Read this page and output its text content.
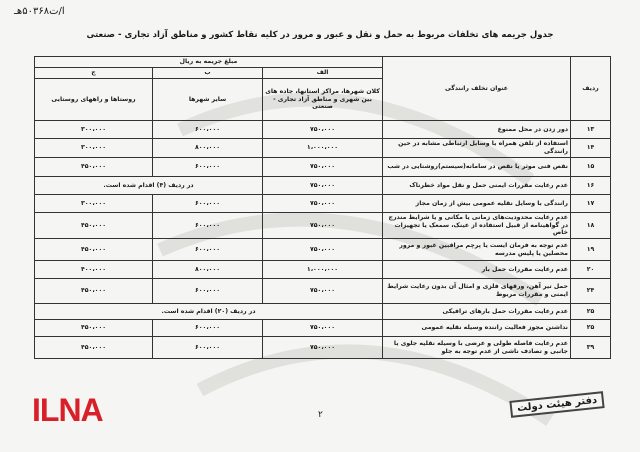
ا/ت۵۰۳۶۸هـ
جدول جریمه های تخلفات مربوط به حمل و نقل و عبور و مرور در کلیه نقاط کشور و مناطق آزاد تجاری - صنعتی
ردیف	عنوان تخلف رانندگی	مبلغ جریمه به ریال		
		الف	ب	ج
		کلان شهرها، مراکز استانها، جاده های بین شهری و مناطق آزاد تجاری - صنعتی	سایر شهرها	روستاها و راههای روستایی
۱۳	دور زدن در محل ممنوع	۷۵۰،۰۰۰	۶۰۰،۰۰۰	۳۰۰،۰۰۰
۱۴	استفاده از تلفن همراه یا وسایل ارتباطی مشابه در حین رانندگی	۱،۰۰۰،۰۰۰	۸۰۰،۰۰۰	۳۰۰،۰۰۰
۱۵	نقص فنی موثر یا نقص در سامانه(سیستم)روشنایی در شب	۷۵۰،۰۰۰	۶۰۰،۰۰۰	۴۵۰،۰۰۰
۱۶	عدم رعایت مقررات ایمنی حمل و نقل مواد خطرناک	۷۵۰،۰۰۰	در ردیف (۴) اقدام شده است.	
۱۷	رانندگی با وسایل نقلیه عمومی بیش از زمان مجاز	۷۵۰،۰۰۰	۶۰۰،۰۰۰	۳۰۰،۰۰۰
۱۸	عدم رعایت محدودیت‌های زمانی یا مکانی و یا شرایط مندرج در گواهینامه از قبیل استفاده از عینک، سمعک یا تجهیزات خاص	۷۵۰،۰۰۰	۶۰۰،۰۰۰	۴۵۰،۰۰۰
۱۹	عدم توجه به فرمان ایست یا پرچم مراقبین عبور و مرور محصلین یا پلیس مدرسه	۷۵۰،۰۰۰	۶۰۰،۰۰۰	۴۵۰،۰۰۰
۲۰	عدم رعایت مقررات حمل بار	۱،۰۰۰،۰۰۰	۸۰۰،۰۰۰	۴۰۰،۰۰۰
۲۴	حمل تیر آهن، ورقهای فلزی و امثال آن بدون رعایت شرایط ایمنی و مقررات مربوط	۷۵۰،۰۰۰	۶۰۰،۰۰۰	۴۵۰،۰۰۰
۲۵	عدم رعایت مقررات حمل بارهای ترافیکی	در ردیف (۲۰) اقدام شده است.		
۲۵	نداشتن مجوز فعالیت راننده وسیله نقلیه عمومی	۷۵۰،۰۰۰	۶۰۰،۰۰۰	۴۵۰،۰۰۰
۳۹	عدم رعایت فاصله طولی و عرضی با وسیله نقلیه جلوی یا جانبی و تصادف ناشی از عدم توجه به جلو	۷۵۰،۰۰۰	۶۰۰،۰۰۰	۴۵۰،۰۰۰
ILNA	۲
دفتر هیئت دولت
